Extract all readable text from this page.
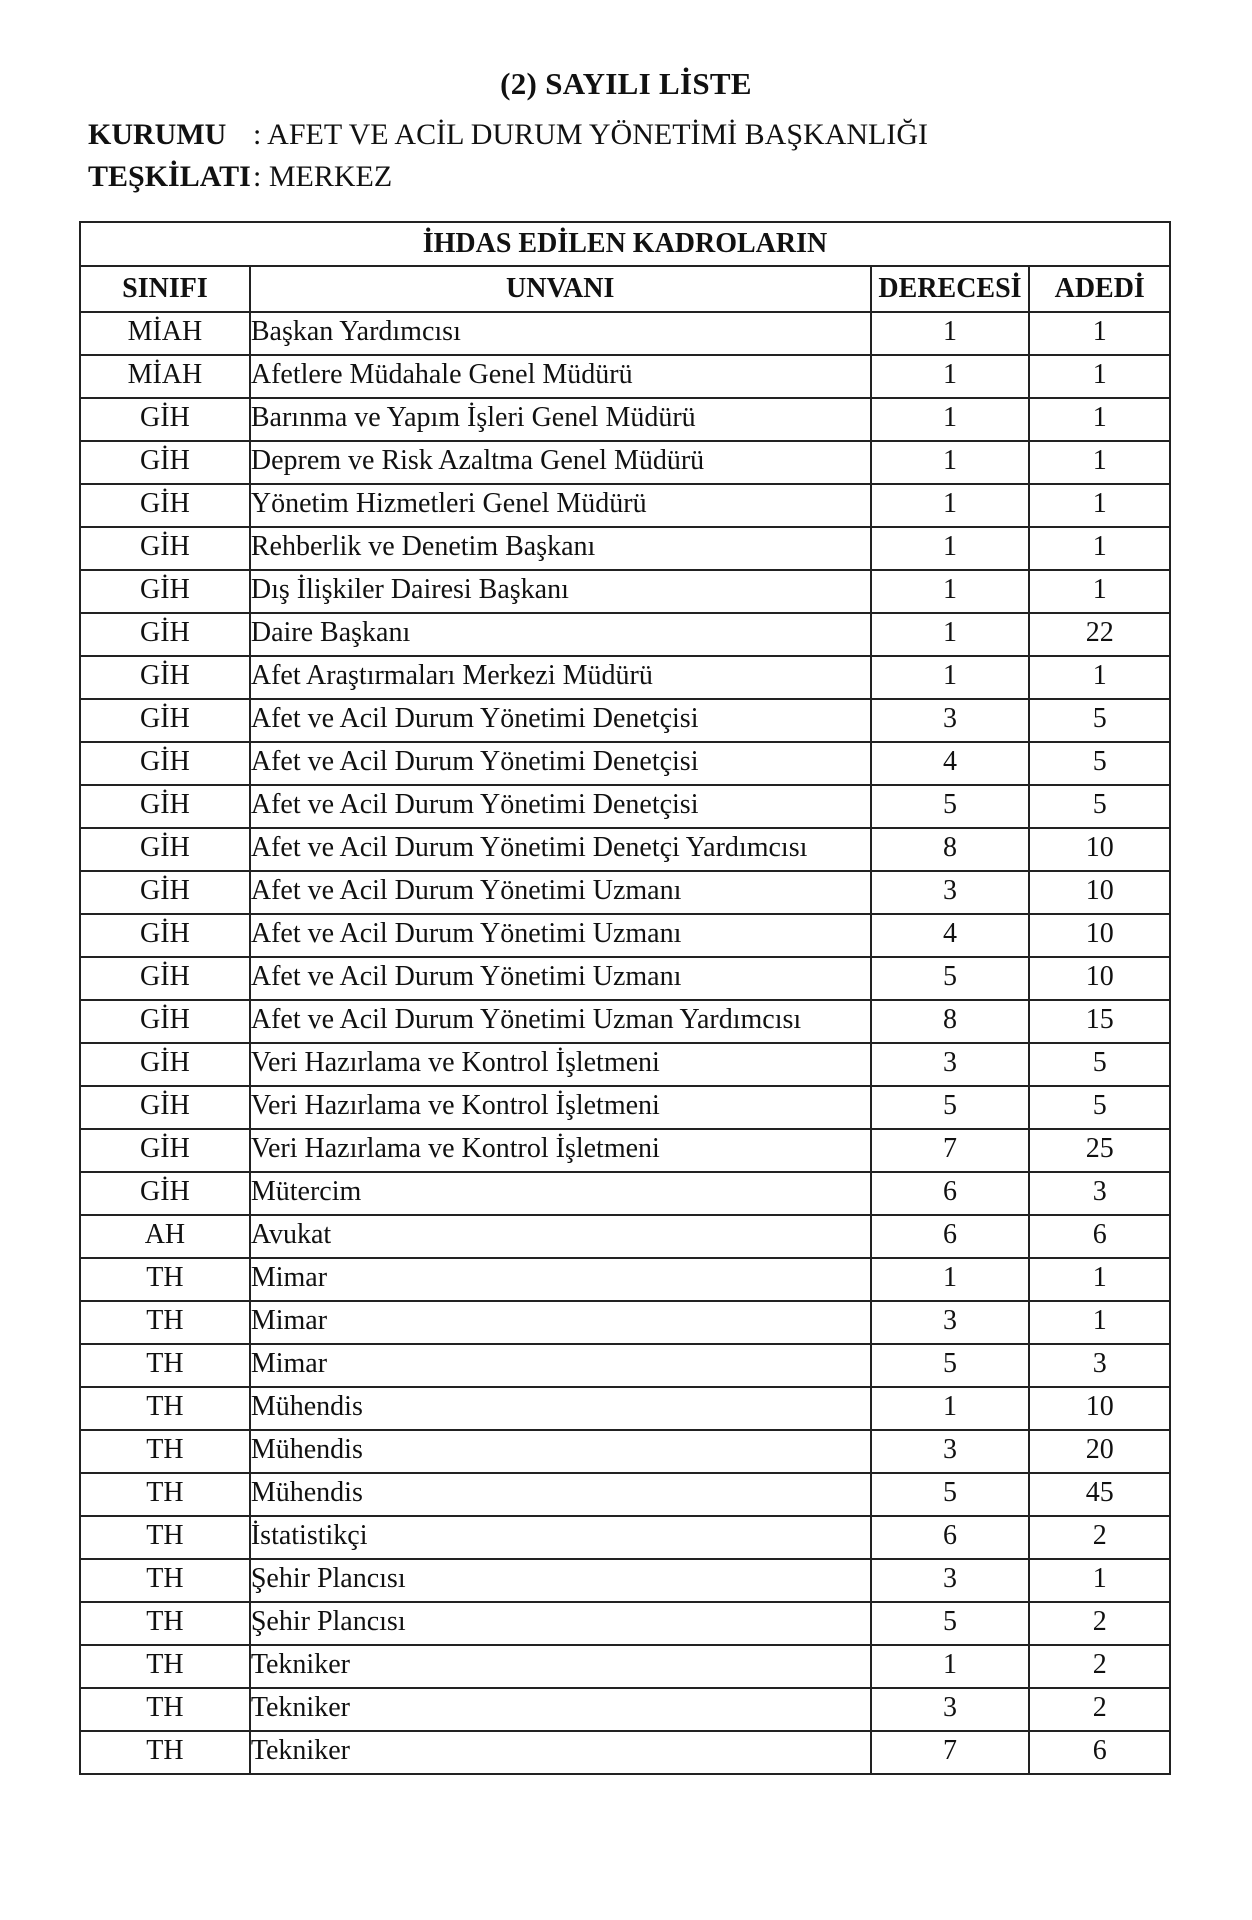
(2) SAYILI LİSTE
KURUMU : AFET VE ACİL DURUM YÖNETİMİ BAŞKANLIĞI
TEŞKİLATI: MERKEZ
İHDAS EDİLEN KADROLARIN			
SINIFI	UNVANI	DERECESİ	ADEDİ
MİAH	Başkan Yardımcısı	1	1
MİAH	Afetlere Müdahale Genel Müdürü	1	1
GİH	Barınma ve Yapım İşleri Genel Müdürü	1	1
GİH	Deprem ve Risk Azaltma Genel Müdürü	1	1
GİH	Yönetim Hizmetleri Genel Müdürü	1	1
GİH	Rehberlik ve Denetim Başkanı	1	1
GİH	Dış İlişkiler Dairesi Başkanı	1	1
GİH	Daire Başkanı	1	22
GİH	Afet Araştırmaları Merkezi Müdürü	1	1
GİH	Afet ve Acil Durum Yönetimi Denetçisi	3	5
GİH	Afet ve Acil Durum Yönetimi Denetçisi	4	5
GİH	Afet ve Acil Durum Yönetimi Denetçisi	5	5
GİH	Afet ve Acil Durum Yönetimi Denetçi Yardımcısı	8	10
GİH	Afet ve Acil Durum Yönetimi Uzmanı	3	10
GİH	Afet ve Acil Durum Yönetimi Uzmanı	4	10
GİH	Afet ve Acil Durum Yönetimi Uzmanı	5	10
GİH	Afet ve Acil Durum Yönetimi Uzman Yardımcısı	8	15
GİH	Veri Hazırlama ve Kontrol İşletmeni	3	5
GİH	Veri Hazırlama ve Kontrol İşletmeni	5	5
GİH	Veri Hazırlama ve Kontrol İşletmeni	7	25
GİH	Mütercim	6	3
AH	Avukat	6	6
TH	Mimar	1	1
TH	Mimar	3	1
TH	Mimar	5	3
TH	Mühendis	1	10
TH	Mühendis	3	20
TH	Mühendis	5	45
TH	İstatistikçi	6	2
TH	Şehir Plancısı	3	1
TH	Şehir Plancısı	5	2
TH	Tekniker	1	2
TH	Tekniker	3	2
TH	Tekniker	7	6
